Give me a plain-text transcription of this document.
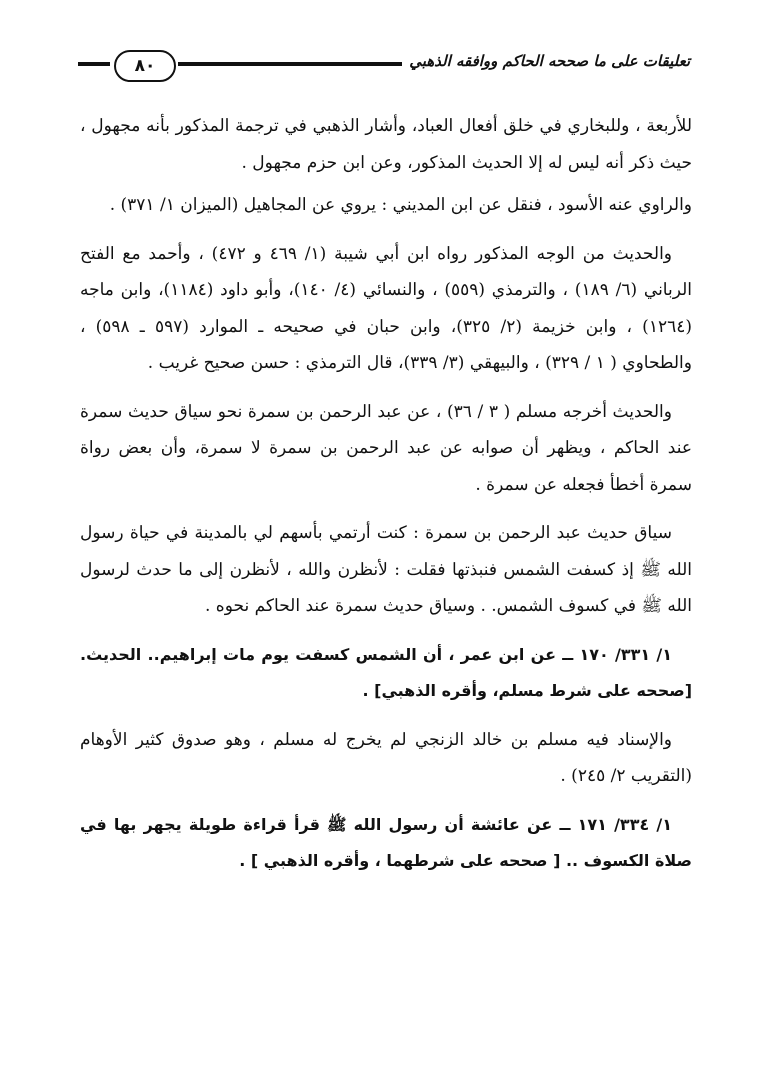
تعليقات على ما صححه الحاكم ووافقه الذهبي
٨٠

للأربعة ، وللبخاري في خلق أفعال العباد، وأشار الذهبي في ترجمة المذكور بأنه مجهول ، حيث ذكر أنه ليس له إلا الحديث المذكور، وعن ابن حزم مجهول .

والراوي عنه الأسود ، فنقل عن ابن المديني : يروي عن المجاهيل (الميزان ١/ ٣٧١) .

والحديث من الوجه المذكور رواه ابن أبي شيبة (١/ ٤٦٩ و ٤٧٢) ، وأحمد مع الفتح الرباني (٦/ ١٨٩) ، والترمذي (٥٥٩) ، والنسائي (٤/ ١٤٠)، وأبو داود (١١٨٤)، وابن ماجه (١٢٦٤) ، وابن خزيمة (٢/ ٣٢٥)، وابن حبان في صحيحه ـ الموارد (٥٩٧ ـ ٥٩٨) ، والطحاوي ( ١ / ٣٢٩) ، والبيهقي (٣/ ٣٣٩)، قال الترمذي : حسن صحيح غريب .

والحديث أخرجه مسلم ( ٣ / ٣٦) ، عن عبد الرحمن بن سمرة نحو سياق حديث سمرة عند الحاكم ، ويظهر أن صوابه عن عبد الرحمن بن سمرة لا سمرة، وأن بعض رواة سمرة أخطأ فجعله عن سمرة .

سياق حديث عبد الرحمن بن سمرة : كنت أرتمي بأسهم لي بالمدينة في حياة رسول الله ﷺ إذ كسفت الشمس فنبذتها فقلت : لأنظرن والله ، لأنظرن إلى ما حدث لرسول الله ﷺ في كسوف الشمس. . وسياق حديث سمرة عند الحاكم نحوه .

١/ ٣٣١/ ١٧٠ ــ عن ابن عمر ، أن الشمس كسفت يوم مات إبراهيم.. الحديث. [صححه على شرط مسلم، وأقره الذهبي] .

والإسناد فيه مسلم بن خالد الزنجي لم يخرج له مسلم ، وهو صدوق كثير الأوهام (التقريب ٢/ ٢٤٥) .

١/ ٣٣٤/ ١٧١ ــ عن عائشة أن رسول الله ﷺ قرأ قراءة طويلة يجهر بها في صلاة الكسوف .. [ صححه على شرطهما ، وأقره الذهبي ] .
